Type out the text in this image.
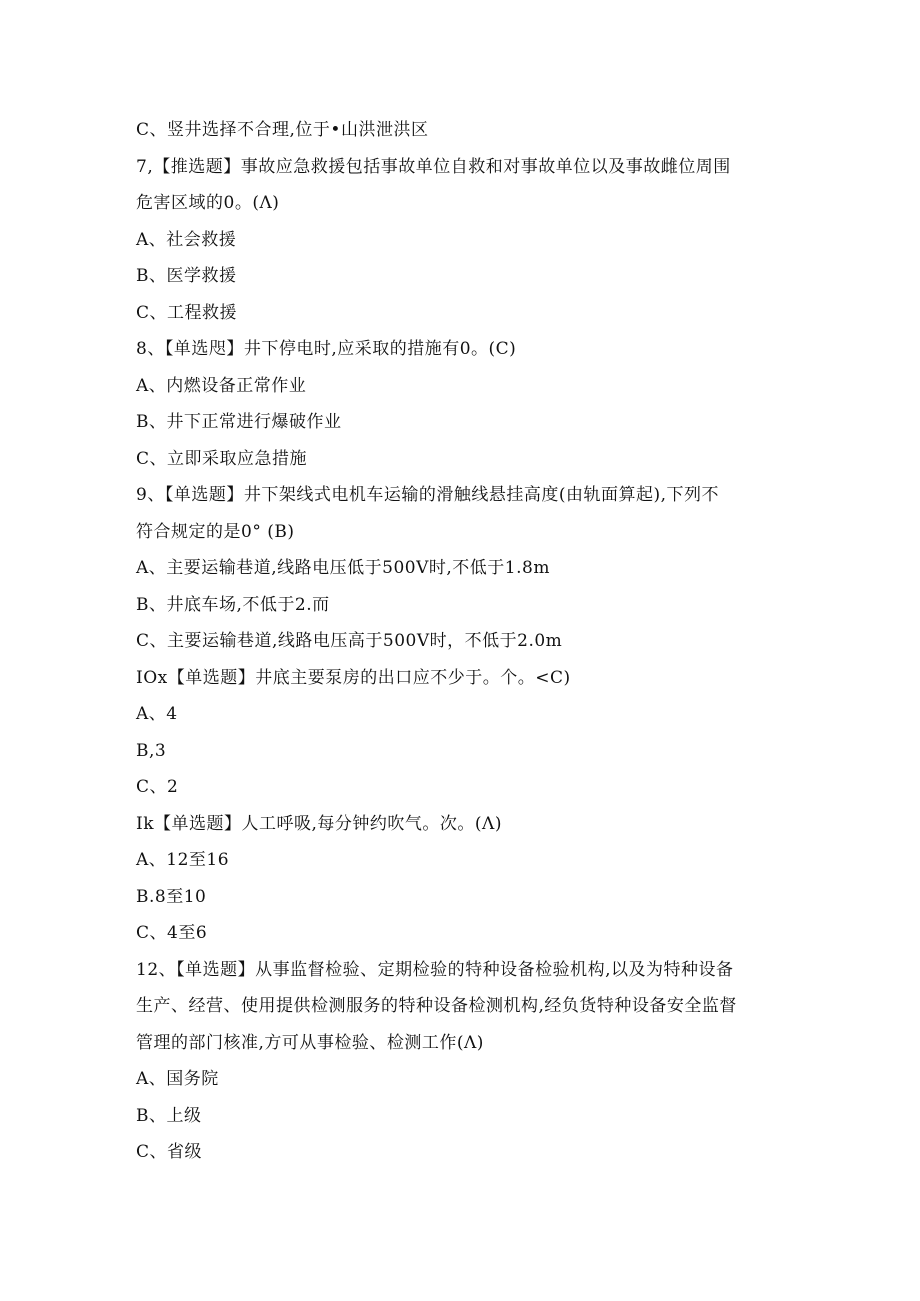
C、竖井选择不合理,位于•山洪泄洪区
7,【推选题】事故应急救援包括事故单位自救和对事故单位以及事故雌位周围
危害区域的0。(Λ)
A、社会救援
B、医学救援
C、工程救援
8、【单选咫】井下停电时,应采取的措施有0。(C)
A、内燃设备正常作业
B、井下正常进行爆破作业
C、立即采取应急措施
9、【单选题】井下架线式电机车运输的滑触线悬挂高度(由轨面算起),下列不
符合规定的是0° (B)
A、主要运输巷道,线路电压低于500V时,不低于1.8m
B、井底车场,不低于2.而
C、主要运输巷道,线路电压高于500V时，不低于2.0m
IOx【单选题】井底主要泵房的出口应不少于。个。<C)
A、4
B,3
C、2
Ik【单选题】人工呼吸,每分钟约吹气。次。(Λ)
A、12至16
B.8至10
C、4至6
12、【单选题】从事监督检验、定期检验的特种设备检验机构,以及为特种设备
生产、经营、使用提供检测服务的特种设备检测机构,经负货特种设备安全监督
管理的部门核准,方可从事检验、检测工作(Λ)
A、国务院
B、上级
C、省级
